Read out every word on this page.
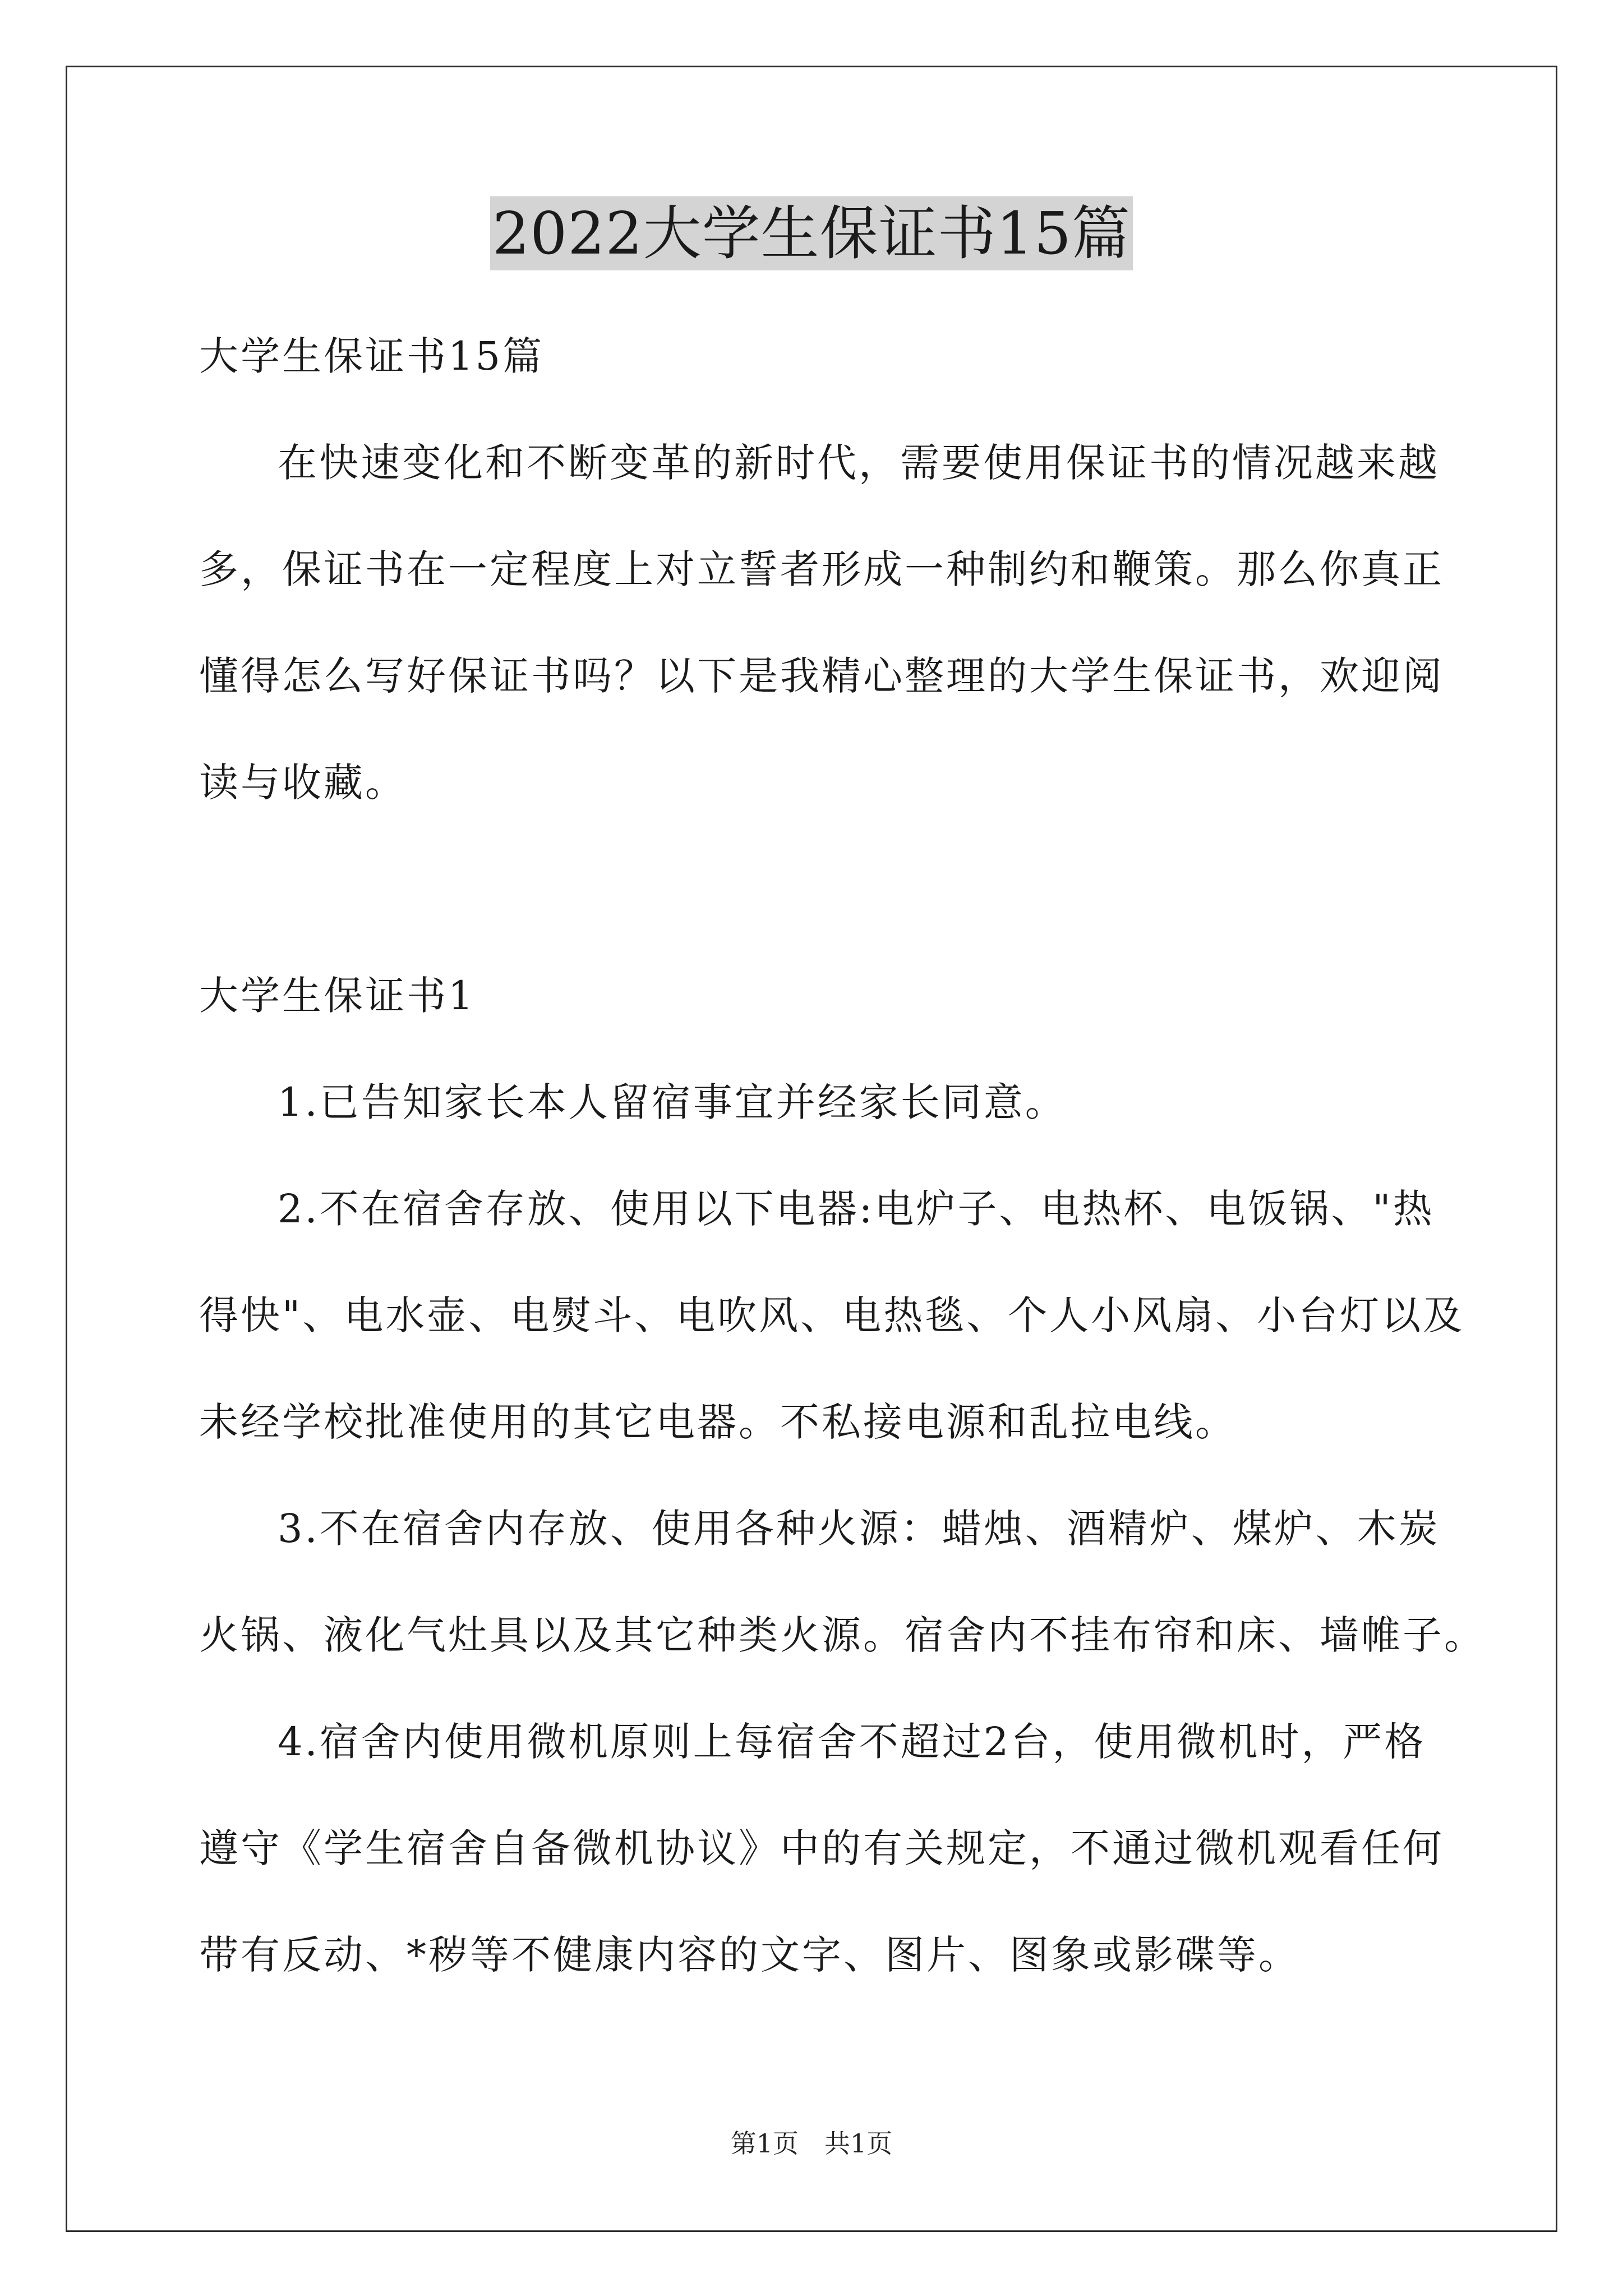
2022大学生保证书15篇
大学生保证书15篇
在快速变化和不断变革的新时代，需要使用保证书的情况越来越
多，保证书在一定程度上对立誓者形成一种制约和鞭策。那么你真正
懂得怎么写好保证书吗？以下是我精心整理的大学生保证书，欢迎阅
读与收藏。
大学生保证书1
1.已告知家长本人留宿事宜并经家长同意。
2.不在宿舍存放、使用以下电器:电炉子、电热杯、电饭锅、"热
得快"、电水壶、电熨斗、电吹风、电热毯、个人小风扇、小台灯以及
未经学校批准使用的其它电器。不私接电源和乱拉电线。
3.不在宿舍内存放、使用各种火源：蜡烛、酒精炉、煤炉、木炭
火锅、液化气灶具以及其它种类火源。宿舍内不挂布帘和床、墙帷子。
4.宿舍内使用微机原则上每宿舍不超过2台，使用微机时，严格
遵守《学生宿舍自备微机协议》中的有关规定，不通过微机观看任何
带有反动、*秽等不健康内容的文字、图片、图象或影碟等。
第1页　共1页
